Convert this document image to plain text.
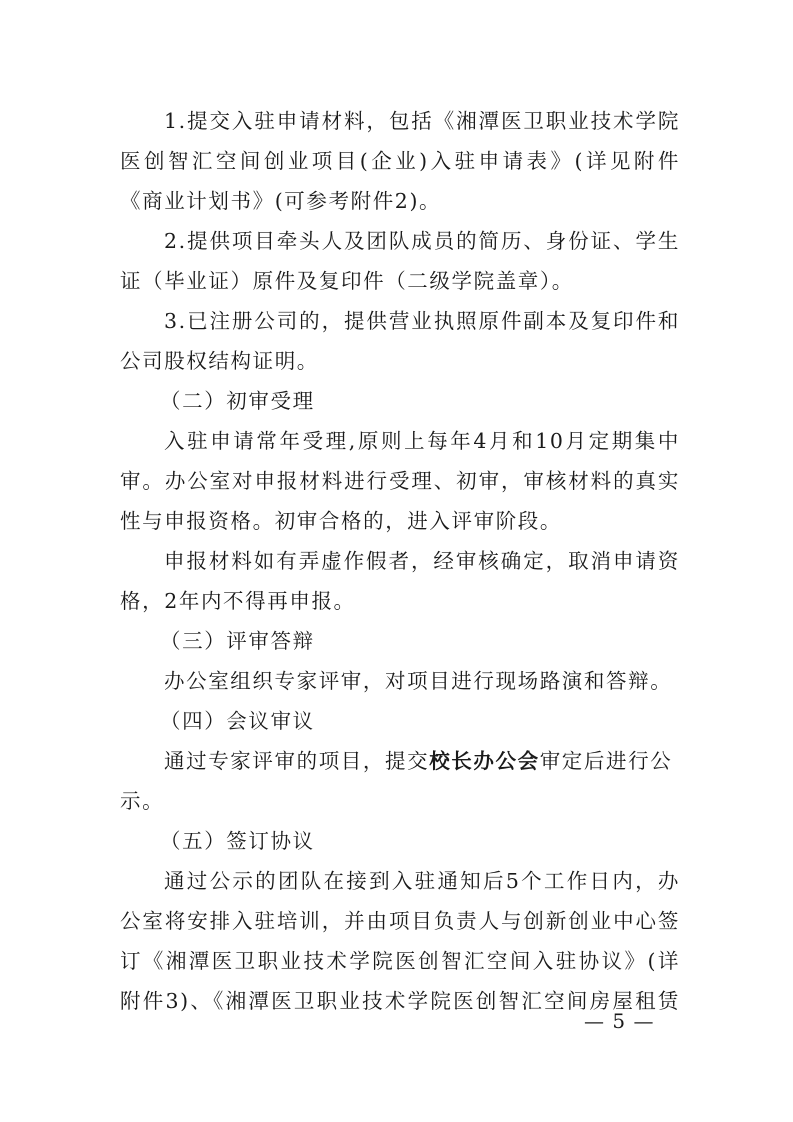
1.提交入驻申请材料，包括《湘潭医卫职业技术学院
医创智汇空间创业项目(企业)入驻申请表》(详见附件
《商业计划书》(可参考附件2)。
2.提供项目牵头人及团队成员的简历、身份证、学生
证（毕业证）原件及复印件（二级学院盖章）。
3.已注册公司的，提供营业执照原件副本及复印件和
公司股权结构证明。
（二）初审受理
入驻申请常年受理,原则上每年4月和10月定期集中
审。办公室对申报材料进行受理、初审，审核材料的真实
性与申报资格。初审合格的，进入评审阶段。
申报材料如有弄虚作假者，经审核确定，取消申请资
格，2年内不得再申报。
（三）评审答辩
办公室组织专家评审，对项目进行现场路演和答辩。
（四）会议审议
通过专家评审的项目，提交校长办公会审定后进行公
示。
（五）签订协议
通过公示的团队在接到入驻通知后5个工作日内，办
公室将安排入驻培训，并由项目负责人与创新创业中心签
订《湘潭医卫职业技术学院医创智汇空间入驻协议》(详
附件3)、《湘潭医卫职业技术学院医创智汇空间房屋租赁
— 5 —
